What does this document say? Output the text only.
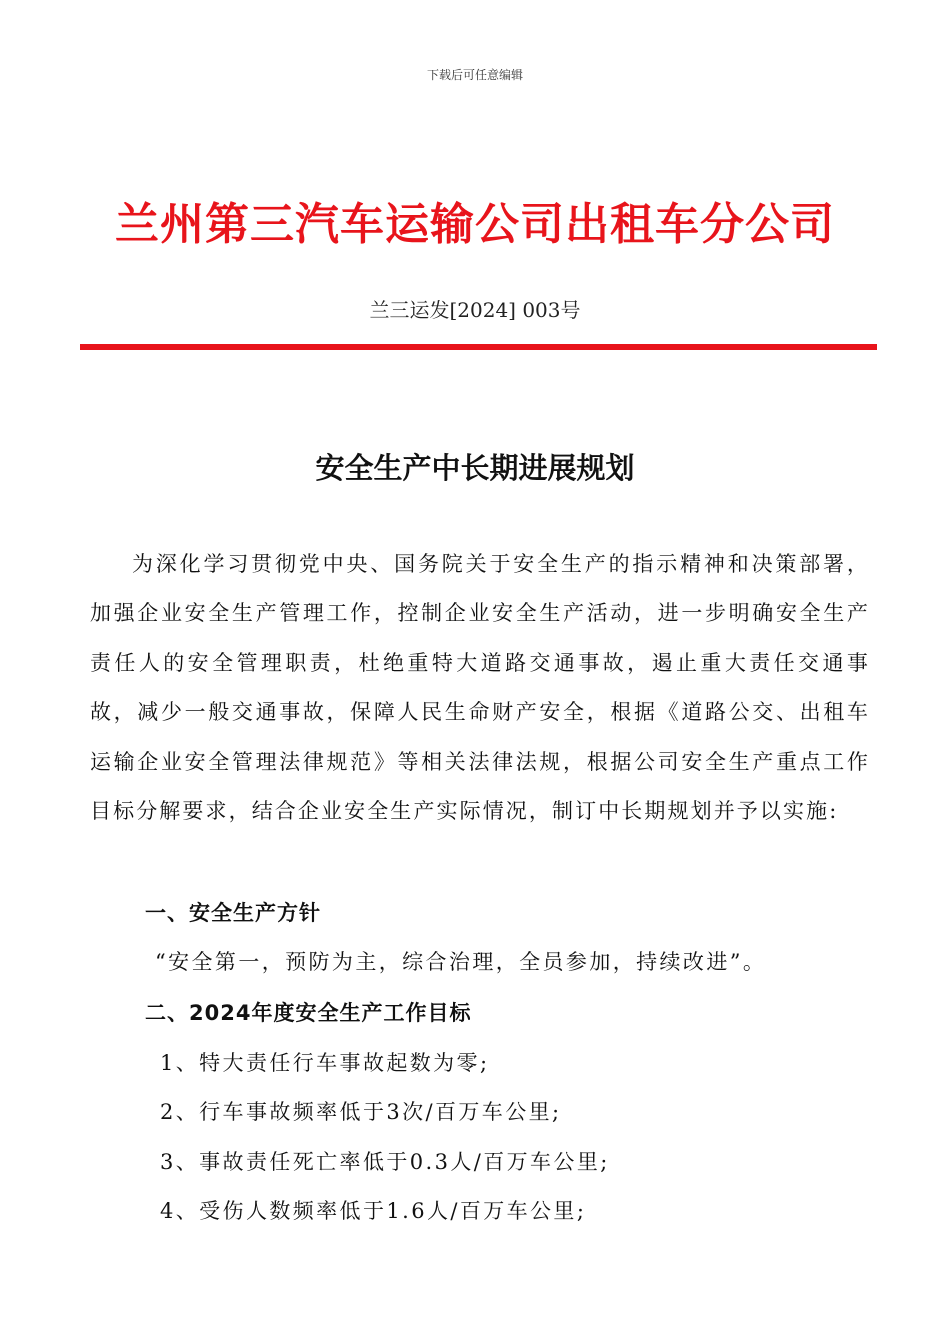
下载后可任意编辑
兰州第三汽车运输公司出租车分公司
兰三运发[2024] 003号
安全生产中长期进展规划

为深化学习贯彻党中央、国务院关于安全生产的指示精神和决策部署，加强企业安全生产管理工作，控制企业安全生产活动，进一步明确安全生产责任人的安全管理职责，杜绝重特大道路交通事故，遏止重大责任交通事故，减少一般交通事故，保障人民生命财产安全，根据《道路公交、出租车运输企业安全管理法律规范》等相关法律法规，根据公司安全生产重点工作目标分解要求，结合企业安全生产实际情况，制订中长期规划并予以实施:

一、安全生产方针
“安全第一，预防为主，综合治理，全员参加，持续改进”。
二、2024年度安全生产工作目标
1、特大责任行车事故起数为零;
2、行车事故频率低于3次/百万车公里;
3、事故责任死亡率低于0.3人/百万车公里;
4、受伤人数频率低于1.6人/百万车公里;
